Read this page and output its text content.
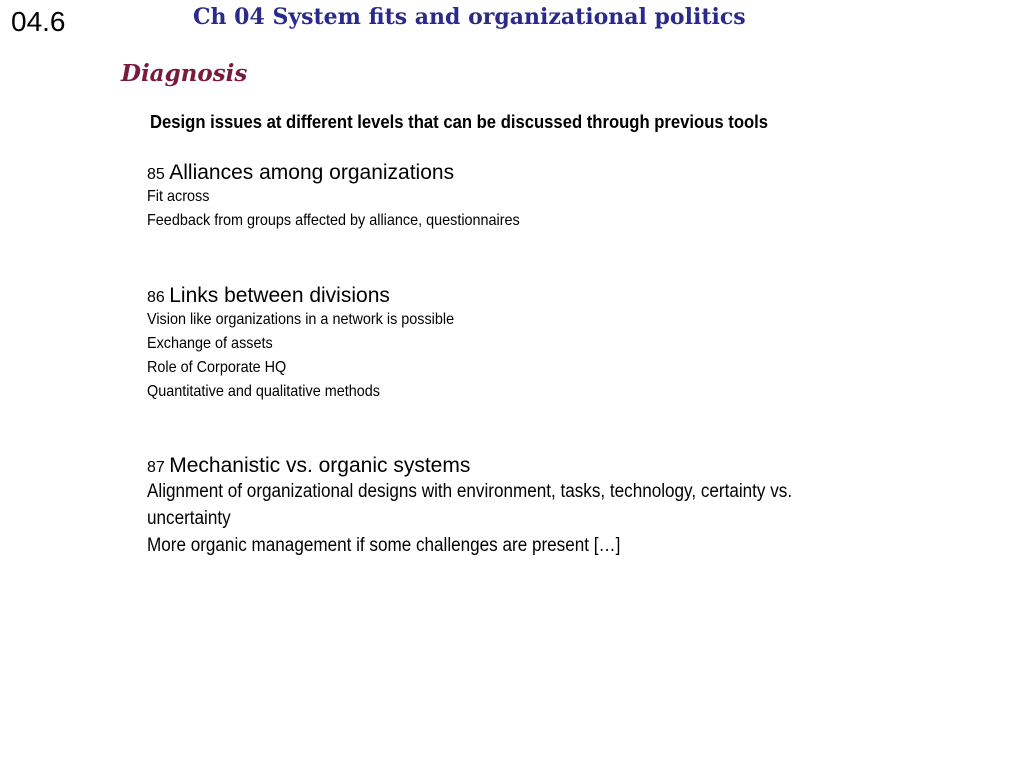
04.6	Ch 04 System fits and organizational politics
Diagnosis
Design issues at different levels that can be discussed through previous tools
85 Alliances among organizations
Fit across
Feedback from groups affected by alliance, questionnaires
86 Links between divisions
Vision like organizations in a network is possible
Exchange of assets
Role of Corporate HQ
Quantitative and qualitative methods
87 Mechanistic vs. organic systems
Alignment of organizational designs with environment, tasks, technology, certainty vs. uncertainty
More organic management if some challenges are present […]
